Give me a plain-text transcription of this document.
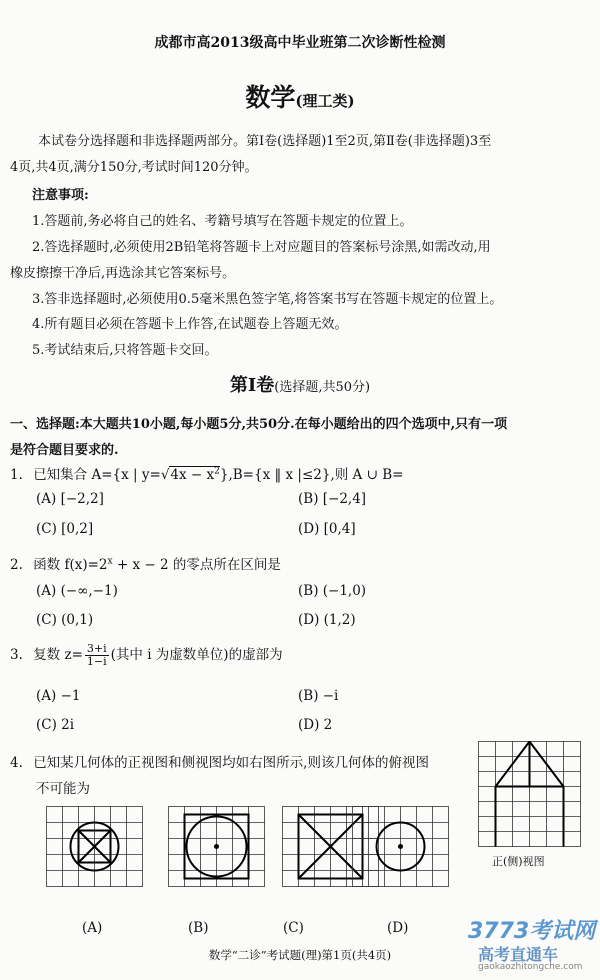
成都市高2013级高中毕业班第二次诊断性检测
数学(理工类)
本试卷分选择题和非选择题两部分。第Ⅰ卷(选择题)1至2页,第Ⅱ卷(非选择题)3至
4页,共4页,满分150分,考试时间120分钟。
注意事项:
1.答题前,务必将自己的姓名、考籍号填写在答题卡规定的位置上。
2.答选择题时,必须使用2B铅笔将答题卡上对应题目的答案标号涂黑,如需改动,用
橡皮擦擦干净后,再选涂其它答案标号。
3.答非选择题时,必须使用0.5毫米黑色签字笔,将答案书写在答题卡规定的位置上。
4.所有题目必须在答题卡上作答,在试题卷上答题无效。
5.考试结束后,只将答题卡交回。
第Ⅰ卷(选择题,共50分)
一、选择题:本大题共10小题,每小题5分,共50分.在每小题给出的四个选项中,只有一项
是符合题目要求的.
1. 已知集合 A={x | $y=√4x - x^2\},B=\{x$ ‖ x |≤2},则 A ∪ B=
(A) [−2,2]	(B) [−2,4]
(C) [0,2]	(D) [0,4]
2. 函数 $f(x)=2^x + x - 2$ 的零点所在区间是
(A) (−∞,−1)	(B) (−1,0)
(C) (0,1)	(D) (1,2)
3. 复数 $z= \frac{3+i}{1-i}$ (其中 i 为虚数单位)的虚部为
(A) −1	(B) −i
(C) 2i	(D) 2
4. 已知某几何体的正视图和侧视图均如右图所示,则该几何体的俯视图
不可能为
正(侧)视图
(A)	(B)	(C)	(D)
数学“二诊”考试题(理)第1页(共4页)
3773考试网
高考直通车
gaokaozhitongche.com
